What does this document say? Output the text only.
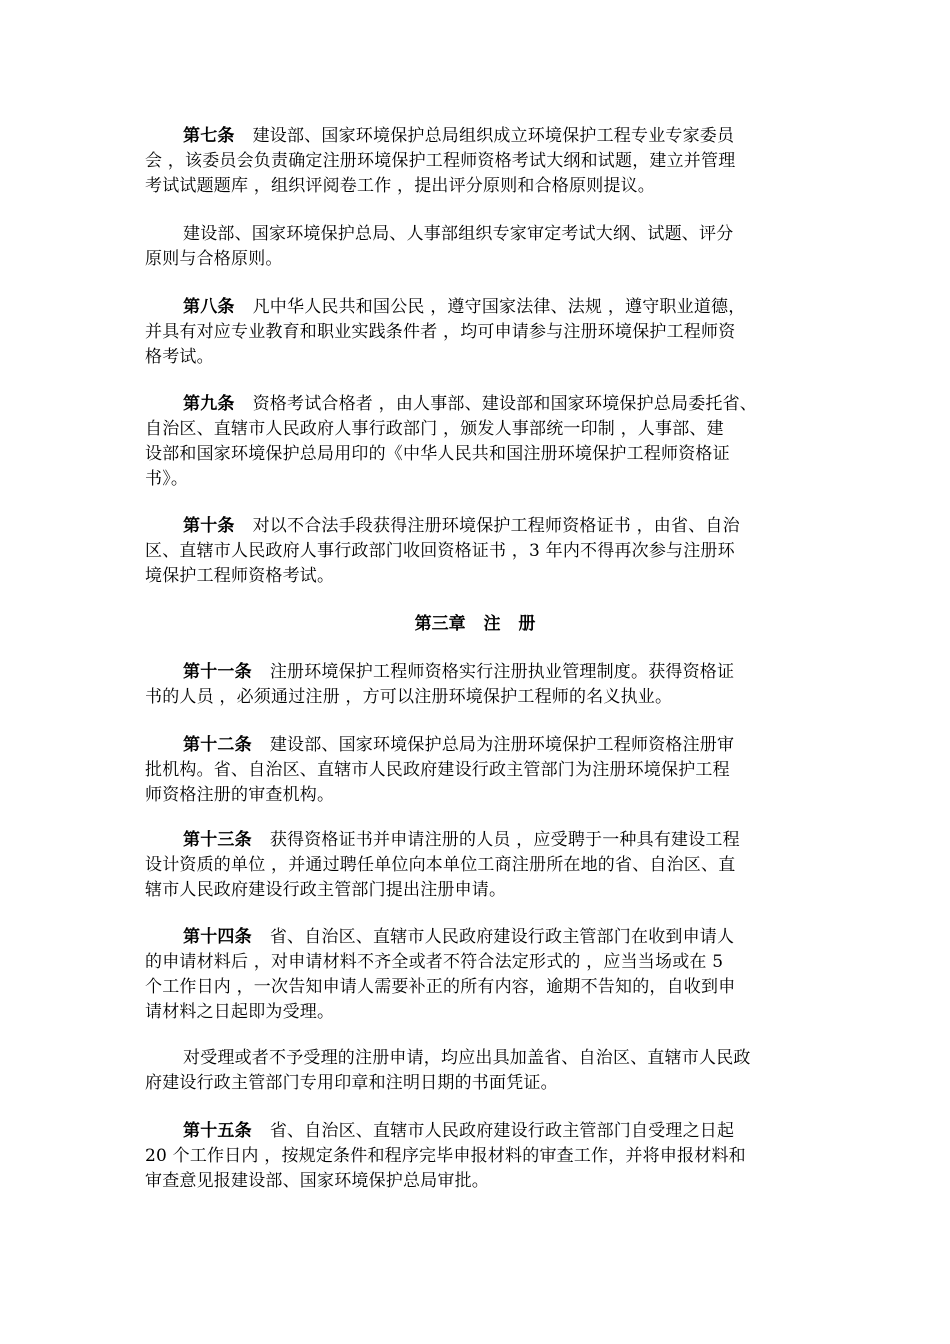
第七条 建设部、国家环境保护总局组织成立环境保护工程专业专家委员
会 ，该委员会负责确定注册环境保护工程师资格考试大纲和试题，建立并管理
考试试题题库 ，组织评阅卷工作 ，提出评分原则和合格原则提议。

建设部、国家环境保护总局、人事部组织专家审定考试大纲、试题、评分
原则与合格原则。

第八条 凡中华人民共和国公民 ，遵守国家法律、法规 ，遵守职业道德，
并具有对应专业教育和职业实践条件者 ，均可申请参与注册环境保护工程师资
格考试。

第九条 资格考试合格者 ，由人事部、建设部和国家环境保护总局委托省、
自治区、直辖市人民政府人事行政部门 ，颁发人事部统一印制 ，人事部、建
设部和国家环境保护总局用印的《中华人民共和国注册环境保护工程师资格证
书》。

第十条 对以不合法手段获得注册环境保护工程师资格证书 ，由省、自治
区、直辖市人民政府人事行政部门收回资格证书 ，3 年内不得再次参与注册环
境保护工程师资格考试。

第三章 注 册

第十一条 注册环境保护工程师资格实行注册执业管理制度。获得资格证
书的人员 ，必须通过注册 ，方可以注册环境保护工程师的名义执业。

第十二条 建设部、国家环境保护总局为注册环境保护工程师资格注册审
批机构。省、自治区、直辖市人民政府建设行政主管部门为注册环境保护工程
师资格注册的审查机构。

第十三条 获得资格证书并申请注册的人员 ，应受聘于一种具有建设工程
设计资质的单位 ，并通过聘任单位向本单位工商注册所在地的省、自治区、直
辖市人民政府建设行政主管部门提出注册申请。

第十四条 省、自治区、直辖市人民政府建设行政主管部门在收到申请人
的申请材料后 ，对申请材料不齐全或者不符合法定形式的 ，应当当场或在 5
个工作日内 ，一次告知申请人需要补正的所有内容，逾期不告知的，自收到申
请材料之日起即为受理。

对受理或者不予受理的注册申请，均应出具加盖省、自治区、直辖市人民政
府建设行政主管部门专用印章和注明日期的书面凭证。

第十五条 省、自治区、直辖市人民政府建设行政主管部门自受理之日起
20 个工作日内 ，按规定条件和程序完毕申报材料的审查工作，并将申报材料和
审查意见报建设部、国家环境保护总局审批。
